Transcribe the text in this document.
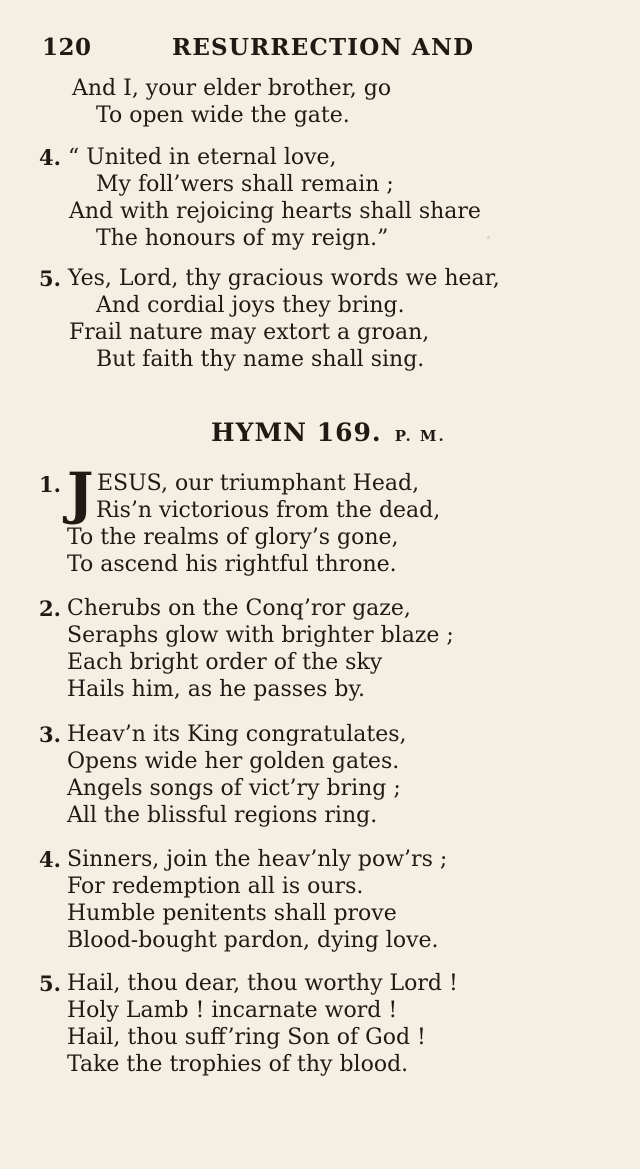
120	RESURRECTION AND
And I, your elder brother, go
To open wide the gate.
4. “ United in eternal love,
My foll’wers shall remain ;
And with rejoicing hearts shall share
The honours of my reign.”
5. Yes, Lord, thy gracious words we hear,
And cordial joys they bring.
Frail nature may extort a groan,
But faith thy name shall sing.
HYMN 169. P. M.
1. J ESUS, our triumphant Head,
Ris’n victorious from the dead,
To the realms of glory’s gone,
To ascend his rightful throne.
2. Cherubs on the Conq’ror gaze,
Seraphs glow with brighter blaze ;
Each bright order of the sky
Hails him, as he passes by.
3. Heav’n its King congratulates,
Opens wide her golden gates.
Angels songs of vict’ry bring ;
All the blissful regions ring.
4. Sinners, join the heav’nly pow’rs ;
For redemption all is ours.
Humble penitents shall prove
Blood-bought pardon, dying love.
5. Hail, thou dear, thou worthy Lord !
Holy Lamb ! incarnate word !
Hail, thou suff’ring Son of God !
Take the trophies of thy blood.
